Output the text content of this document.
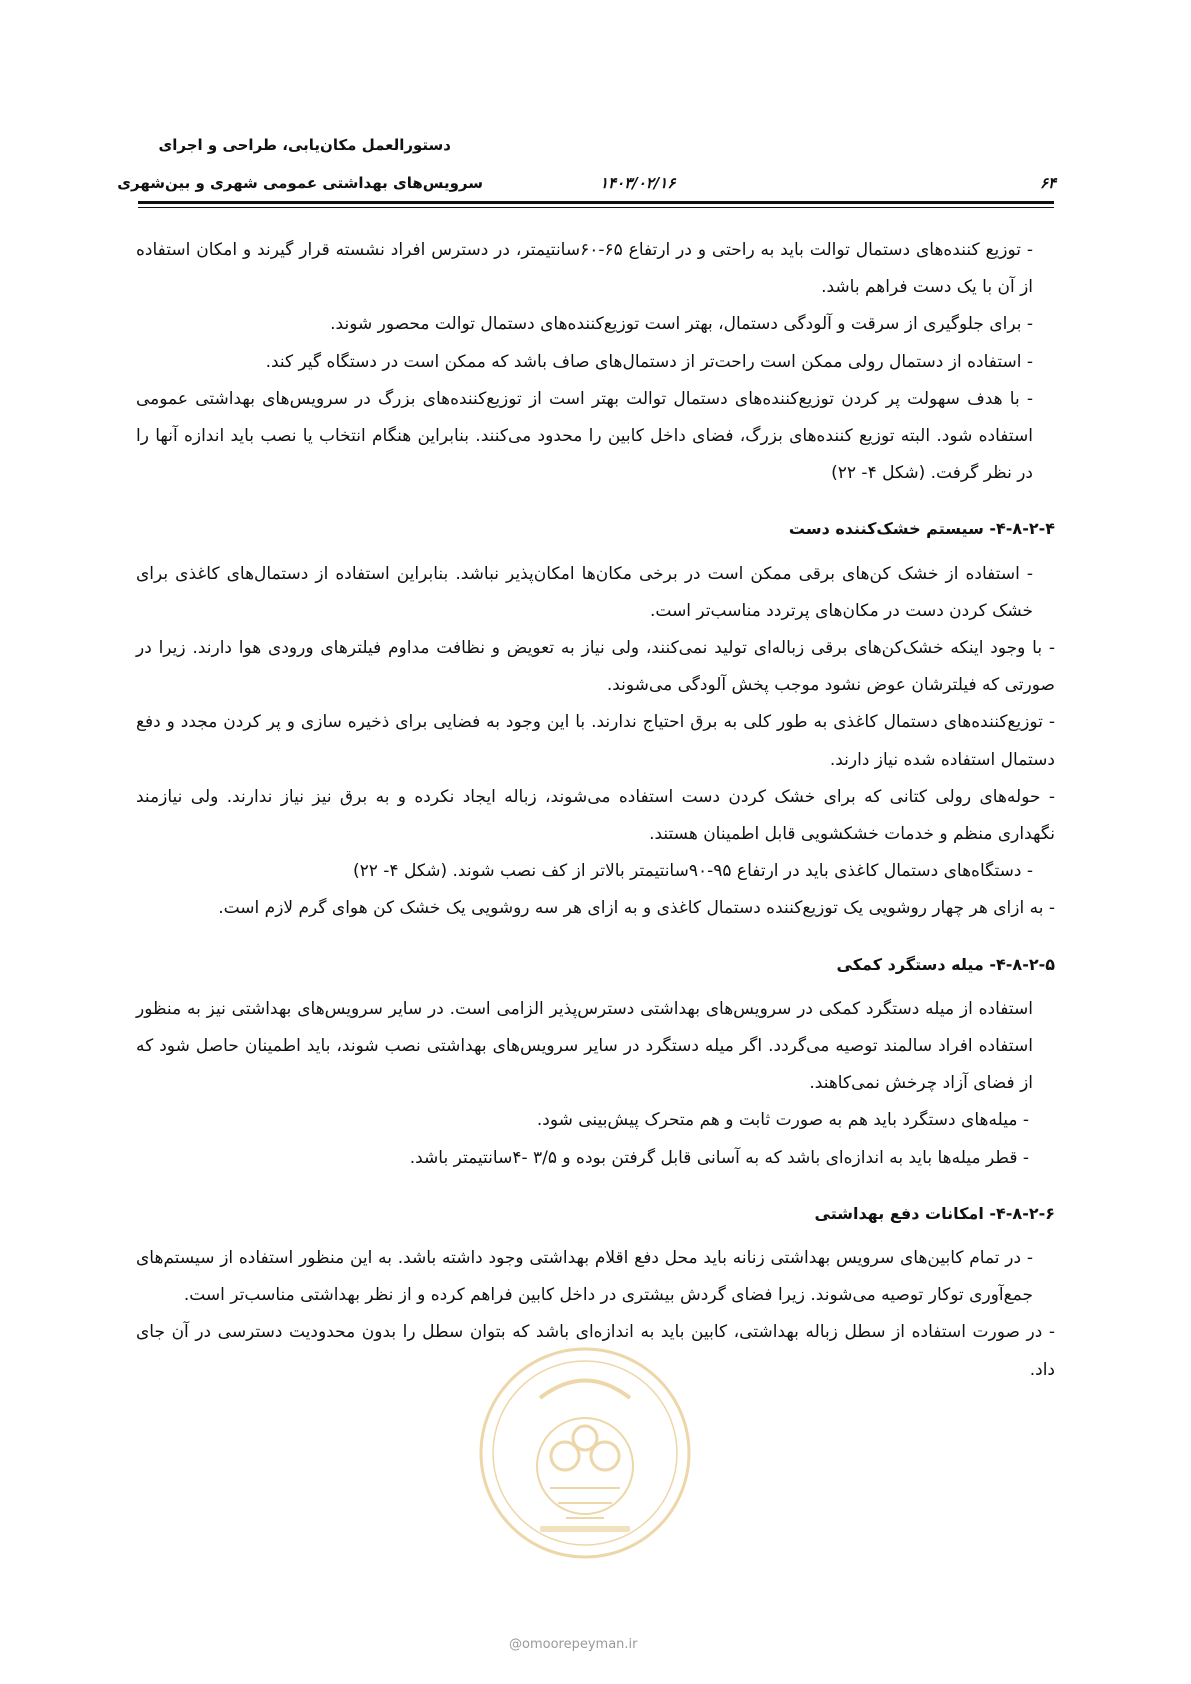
دستورالعمل مکان‌یابی، طراحی و اجرای
سرویس‌های بهداشتی عمومی شهری و بین‌شهری	۱۴۰۳/۰۲/۱۶	۶۴

- توزیع کننده‌های دستمال توالت باید به راحتی و در ارتفاع ۶۵-۶۰سانتیمتر، در دسترس افراد نشسته قرار گیرند و امکان استفاده از آن با یک دست فراهم باشد.

- برای جلوگیری از سرقت و آلودگی دستمال، بهتر است توزیع‌کننده‌های دستمال توالت محصور شوند.

- استفاده از دستمال رولی ممکن است راحت‌تر از دستمال‌های صاف باشد که ممکن است در دستگاه گیر کند.

- با هدف سهولت پر کردن توزیع‌کننده‌های دستمال توالت بهتر است از توزیع‌کننده‌های بزرگ در سرویس‌های بهداشتی عمومی استفاده شود. البته توزیع کننده‌های بزرگ، فضای داخل کابین را محدود می‌کنند. بنابراین هنگام انتخاب یا نصب باید اندازه آنها را در نظر گرفت. (شکل ۴- ۲۲)

۴-۸-۲-۴- سیستم خشک‌کننده دست

- استفاده از خشک کن‌های برقی ممکن است در برخی مکان‌ها امکان‌پذیر نباشد. بنابراین استفاده از دستمال‌های کاغذی برای خشک کردن دست در مکان‌های پرتردد مناسب‌تر است.

- با وجود اینکه خشک‌کن‌های برقی زباله‌ای تولید نمی‌کنند، ولی نیاز به تعویض و نظافت مداوم فیلترهای ورودی هوا دارند. زیرا در صورتی که فیلترشان عوض نشود موجب پخش آلودگی می‌شوند.

- توزیع‌کننده‌های دستمال کاغذی به طور کلی به برق احتیاج ندارند. با این وجود به فضایی برای ذخیره سازی و پر کردن مجدد و دفع دستمال استفاده شده نیاز دارند.

- حوله‌های رولی کتانی که برای خشک کردن دست استفاده می‌شوند، زباله ایجاد نکرده و به برق نیز نیاز ندارند. ولی نیازمند نگهداری منظم و خدمات خشکشویی قابل اطمینان هستند.

- دستگاه‌های دستمال کاغذی باید در ارتفاع ۹۵-۹۰سانتیمتر بالاتر از کف نصب شوند. (شکل ۴- ۲۲)

- به ازای هر چهار روشویی یک توزیع‌کننده دستمال کاغذی و به ازای هر سه روشویی یک خشک کن هوای گرم لازم است.

۴-۸-۲-۵- میله دستگرد کمکی

استفاده از میله دستگرد کمکی در سرویس‌های بهداشتی دسترس‌پذیر الزامی است. در سایر سرویس‌های بهداشتی نیز به منظور استفاده افراد سالمند توصیه می‌گردد. اگر میله دستگرد در سایر سرویس‌های بهداشتی نصب شوند، باید اطمینان حاصل شود که از فضای آزاد چرخش نمی‌کاهند.

- میله‌های دستگرد باید هم به صورت ثابت و هم متحرک پیش‌بینی شود.

- قطر میله‌ها باید به اندازه‌ای باشد که به آسانی قابل گرفتن بوده و ۳/۵ -۴سانتیمتر باشد.

۴-۸-۲-۶- امکانات دفع بهداشتی

- در تمام کابین‌های سرویس بهداشتی زنانه باید محل دفع اقلام بهداشتی وجود داشته باشد. به این منظور استفاده از سیستم‌های جمع‌آوری توکار توصیه می‌شوند. زیرا فضای گردش بیشتری در داخل کابین فراهم کرده و از نظر بهداشتی مناسب‌تر است.

- در صورت استفاده از سطل زباله بهداشتی، کابین باید به اندازه‌ای باشد که بتوان سطل را بدون محدودیت دسترسی در آن جای داد.

@omoorepeyman.ir
